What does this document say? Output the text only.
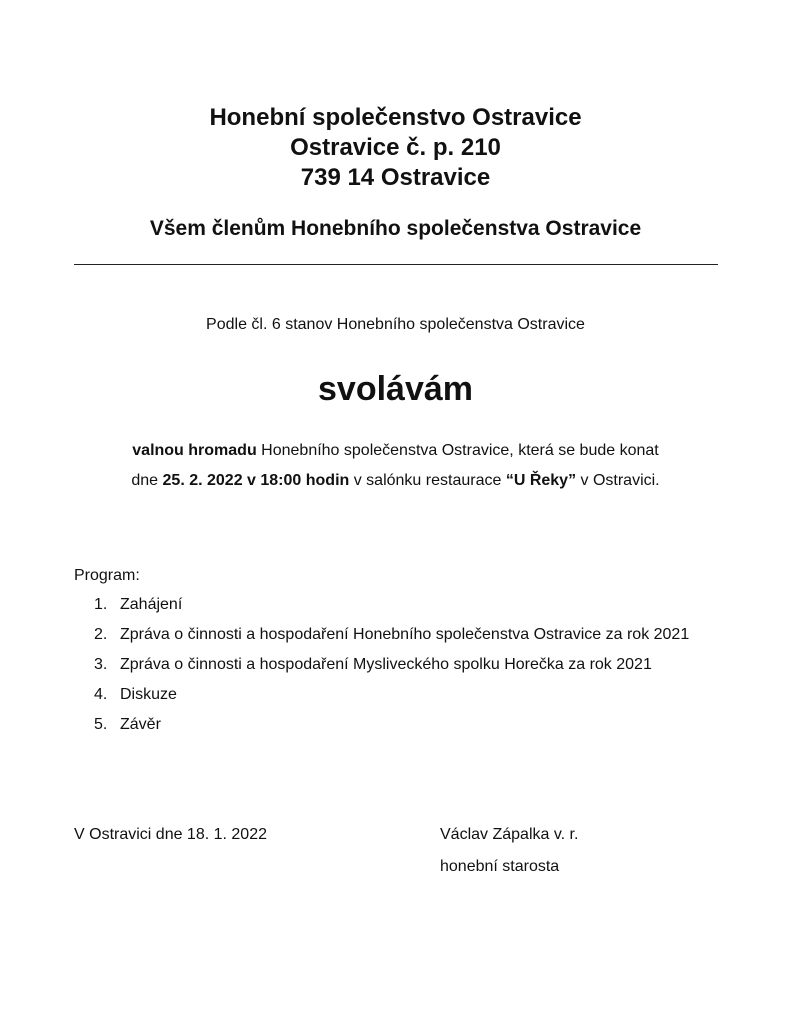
Honební společenstvo Ostravice
Ostravice č. p. 210
739 14 Ostravice
Všem členům Honebního společenstva Ostravice
Podle čl. 6 stanov Honebního společenstva Ostravice
svolávám
valnou hromadu Honebního společenstva Ostravice, která se bude konat
dne 25. 2. 2022 v 18:00 hodin v salónku restaurace “U Řeky” v Ostravici.
Program:
1. Zahájení
2. Zpráva o činnosti a hospodaření Honebního společenstva Ostravice za rok 2021
3. Zpráva o činnosti a hospodaření Mysliveckého spolku Horečka za rok 2021
4. Diskuze
5. Závěr
V Ostravici dne 18. 1. 2022	Václav Zápalka v. r.
honební starosta
